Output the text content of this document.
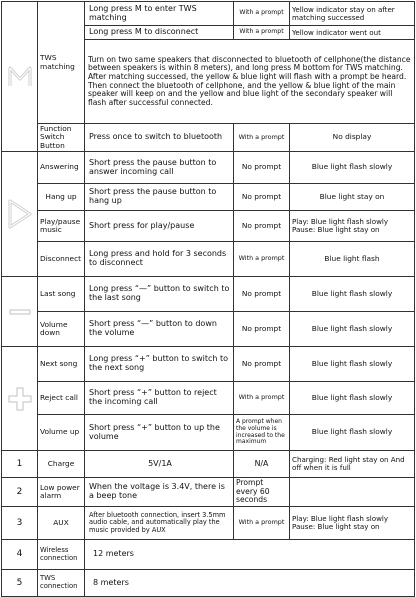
	TWS matching	Long press M to enter TWS matching	With a prompt	Yellow indicator stay on after matching successed
		Long press M to disconnect	With a prompt	Yellow indicator went out
		Turn on two same speakers that disconnected to bluetooth of cellphone(the distance between speakers is within 8 meters), and long press M bottom for TWS matching. After matching successed, the yellow & blue light will flash with a prompt be heard. Then connect the bluetooth of cellphone, and the yellow & blue light of the main speaker will keep on and the yellow and blue light of the secondary speaker will flash after successful connected.		
	Function Switch Button	Press once to switch to bluetooth	With a prompt	No display

	Answering	Short press the pause button to answer incoming call	No prompt	Blue light flash slowly
	Hang up	Short press the pause button to hang up	No prompt	Blue light stay on
	Play/pause music	Short press for play/pause	No prompt	Play: Blue light flash slowly
Pause: Blue light stay on

	Disconnect	Long press and hold for 3 seconds to disconnect	With a prompt	Blue light flash

	Last song	Long press “—” button to switch to the last song	No prompt	Blue light flash slowly
	Volume down	Short press “—” button to down the volume	No prompt	Blue light flash slowly

	Next song	Long press “+” button to switch to the next song	No prompt	Blue light flash slowly
	Reject call	Short press “+” button to reject the incoming call	With a prompt	Blue light flash slowly
	Volume up	Short press “+” button to up the volume	A prompt when the volume is increased to the maximum	Blue light flash slowly
1	Charge	5V/1A	N/A	Charging: Red light stay on And off when it is full
2	Low power alarm	When the voltage is 3.4V, there is a beep tone	Prompt every 60 seconds	
3	AUX	After bluetooth connection, insert 3.5mm audio cable, and automatically play the music provided by AUX	With a prompt	Play: Blue light flash slowly
Pause: Blue light stay on

4	Wireless connection	12 meters		
5	TWS connection	8 meters		
